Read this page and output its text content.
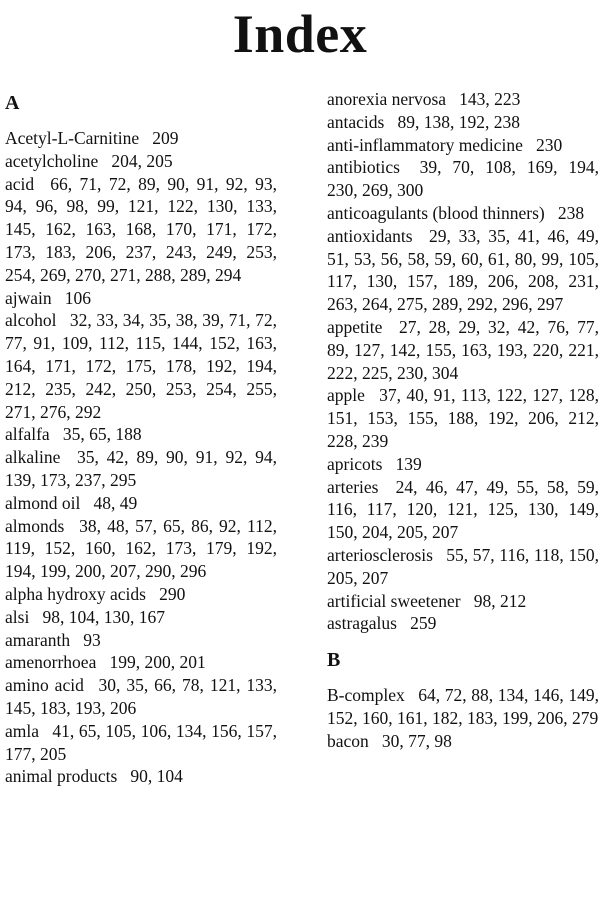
Index
A
Acetyl-L-Carnitine  209
acetylcholine  204, 205
acid  66, 71, 72, 89, 90, 91, 92, 93, 94, 96, 98, 99, 121, 122, 130, 133, 145, 162, 163, 168, 170, 171, 172, 173, 183, 206, 237, 243, 249, 253, 254, 269, 270, 271, 288, 289, 294
ajwain  106
alcohol  32, 33, 34, 35, 38, 39, 71, 72, 77, 91, 109, 112, 115, 144, 152, 163, 164, 171, 172, 175, 178, 192, 194, 212, 235, 242, 250, 253, 254, 255, 271, 276, 292
alfalfa  35, 65, 188
alkaline  35, 42, 89, 90, 91, 92, 94, 139, 173, 237, 295
almond oil  48, 49
almonds  38, 48, 57, 65, 86, 92, 112, 119, 152, 160, 162, 173, 179, 192, 194, 199, 200, 207, 290, 296
alpha hydroxy acids  290
alsi  98, 104, 130, 167
amaranth  93
amenorrhoea  199, 200, 201
amino acid  30, 35, 66, 78, 121, 133, 145, 183, 193, 206
amla  41, 65, 105, 106, 134, 156, 157, 177, 205
animal products  90, 104
anorexia nervosa  143, 223
antacids  89, 138, 192, 238
anti-inflammatory medicine  230
antibiotics  39, 70, 108, 169, 194, 230, 269, 300
anticoagulants (blood thinners)  238
antioxidants  29, 33, 35, 41, 46, 49, 51, 53, 56, 58, 59, 60, 61, 80, 99, 105, 117, 130, 157, 189, 206, 208, 231, 263, 264, 275, 289, 292, 296, 297
appetite  27, 28, 29, 32, 42, 76, 77, 89, 127, 142, 155, 163, 193, 220, 221, 222, 225, 230, 304
apple  37, 40, 91, 113, 122, 127, 128, 151, 153, 155, 188, 192, 206, 212, 228, 239
apricots  139
arteries  24, 46, 47, 49, 55, 58, 59, 116, 117, 120, 121, 125, 130, 149, 150, 204, 205, 207
arteriosclerosis  55, 57, 116, 118, 150, 205, 207
artificial sweetener  98, 212
astragalus  259
B
B-complex  64, 72, 88, 134, 146, 149, 152, 160, 161, 182, 183, 199, 206, 279
bacon  30, 77, 98
